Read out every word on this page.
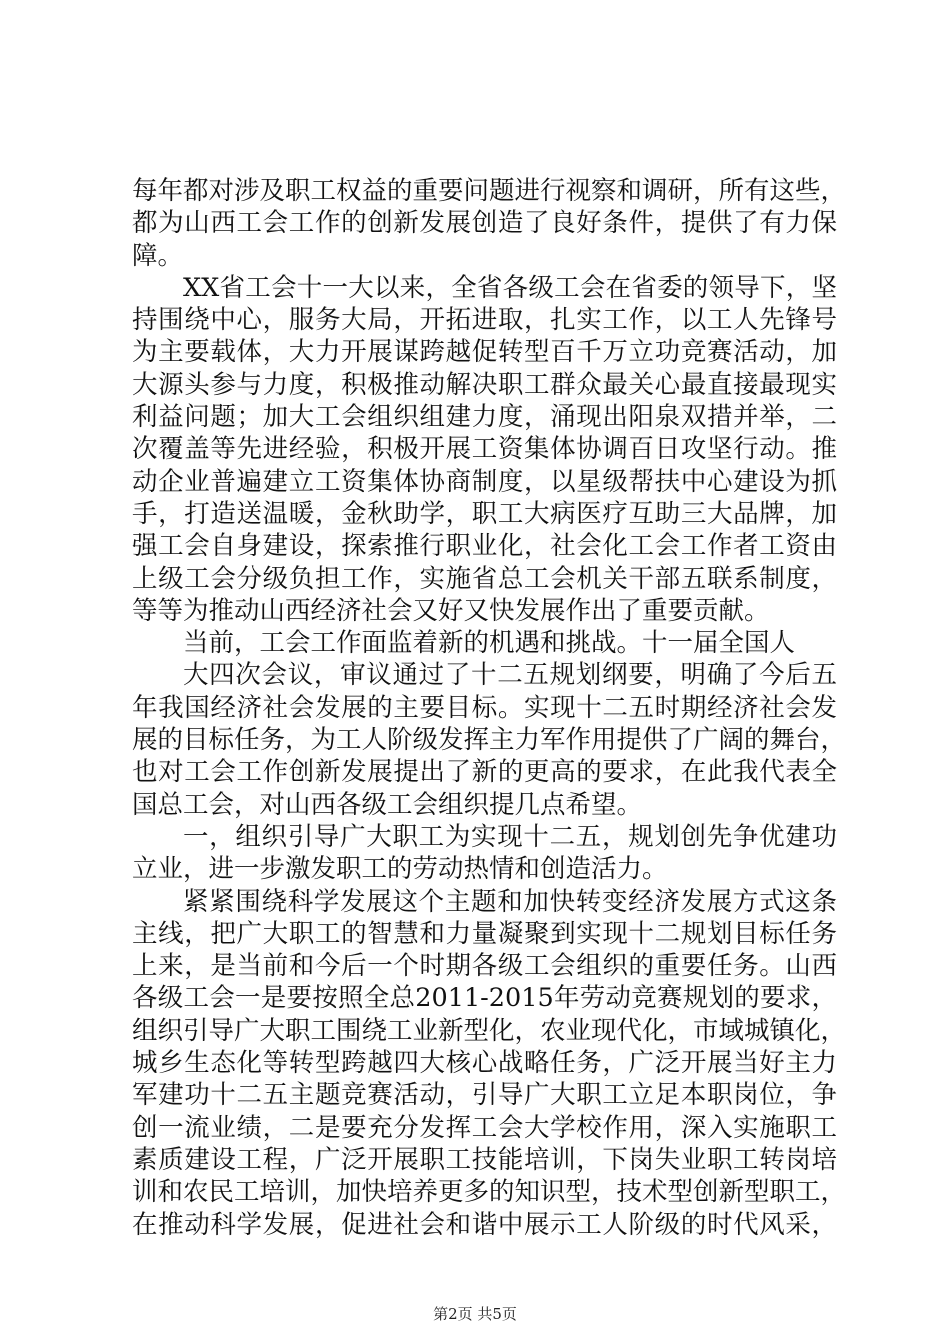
每年都对涉及职工权益的重要问题进行视察和调研，所有这些，
都为山西工会工作的创新发展创造了良好条件，提供了有力保
障。
XX省工会十一大以来，全省各级工会在省委的领导下，坚
持围绕中心，服务大局，开拓进取，扎实工作，以工人先锋号
为主要载体，大力开展谋跨越促转型百千万立功竞赛活动，加
大源头参与力度，积极推动解决职工群众最关心最直接最现实
利益问题；加大工会组织组建力度，涌现出阳泉双措并举，二
次覆盖等先进经验，积极开展工资集体协调百日攻坚行动。推
动企业普遍建立工资集体协商制度，以星级帮扶中心建设为抓
手，打造送温暖，金秋助学，职工大病医疗互助三大品牌，加
强工会自身建设，探索推行职业化，社会化工会工作者工资由
上级工会分级负担工作，实施省总工会机关干部五联系制度，
等等为推动山西经济社会又好又快发展作出了重要贡献。
当前，工会工作面监着新的机遇和挑战。十一届全国人
大四次会议，审议通过了十二五规划纲要，明确了今后五
年我国经济社会发展的主要目标。实现十二五时期经济社会发
展的目标任务，为工人阶级发挥主力军作用提供了广阔的舞台，
也对工会工作创新发展提出了新的更高的要求，在此我代表全
国总工会，对山西各级工会组织提几点希望。
一，组织引导广大职工为实现十二五，规划创先争优建功
立业，进一步激发职工的劳动热情和创造活力。
紧紧围绕科学发展这个主题和加快转变经济发展方式这条
主线，把广大职工的智慧和力量凝聚到实现十二规划目标任务
上来，是当前和今后一个时期各级工会组织的重要任务。山西
各级工会一是要按照全总2011-2015年劳动竞赛规划的要求，
组织引导广大职工围绕工业新型化，农业现代化，市域城镇化，
城乡生态化等转型跨越四大核心战略任务，广泛开展当好主力
军建功十二五主题竞赛活动，引导广大职工立足本职岗位，争
创一流业绩，二是要充分发挥工会大学校作用，深入实施职工
素质建设工程，广泛开展职工技能培训，下岗失业职工转岗培
训和农民工培训，加快培养更多的知识型，技术型创新型职工，
在推动科学发展，促进社会和谐中展示工人阶级的时代风采，
第2页 共5页
